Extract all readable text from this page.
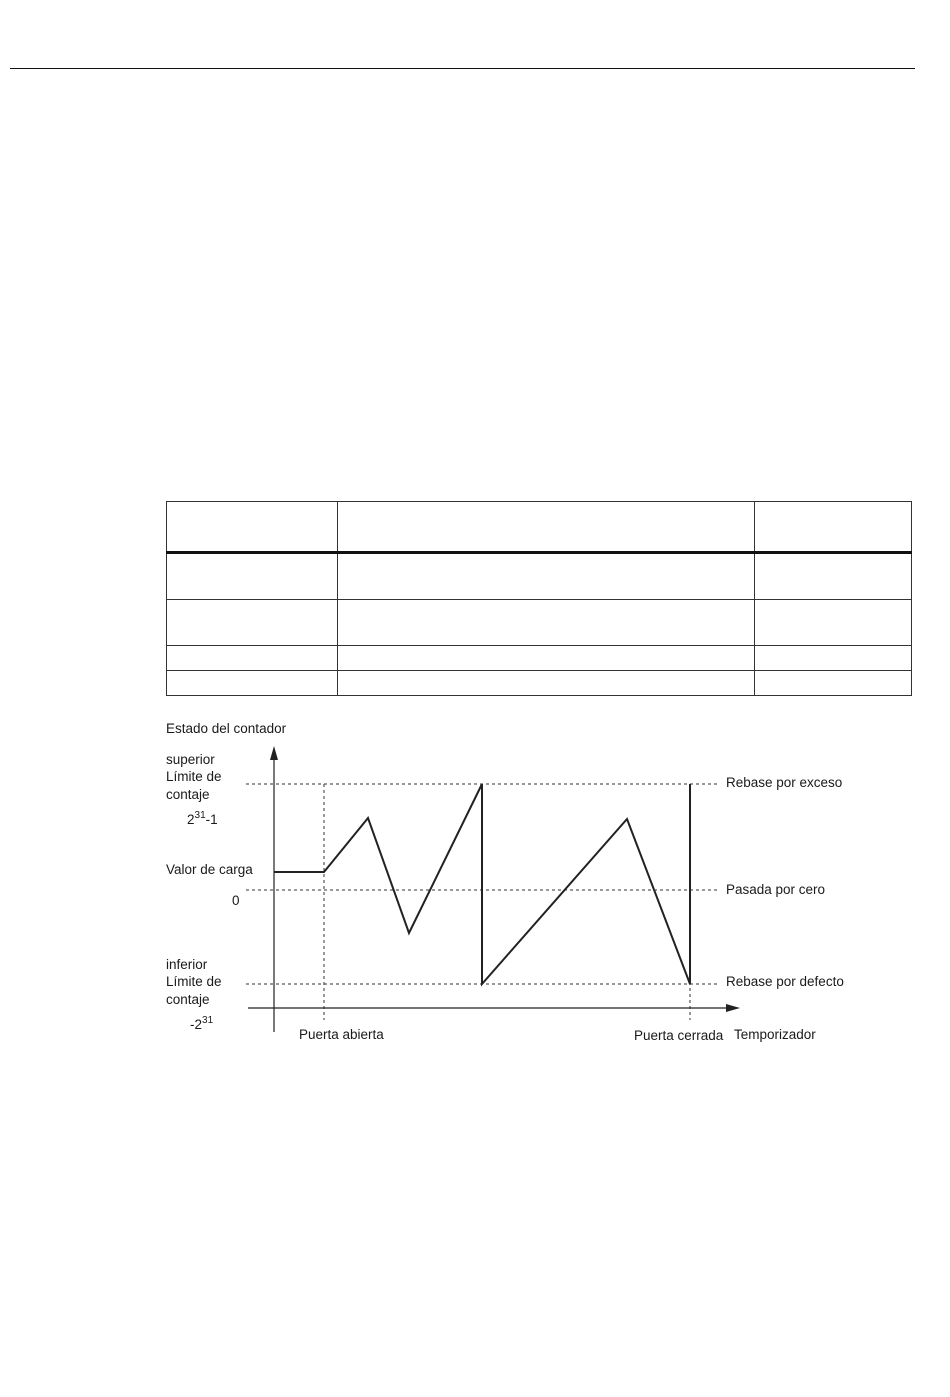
Estado del contador
superior
Límite de
contaje
$2^{31}-1$
Valor de carga
0
inferior
Límite de
contaje
$-2^{31}$
Rebase por exceso
Pasada por cero
Rebase por defecto
Puerta abierta	Puerta cerrada Temporizador
